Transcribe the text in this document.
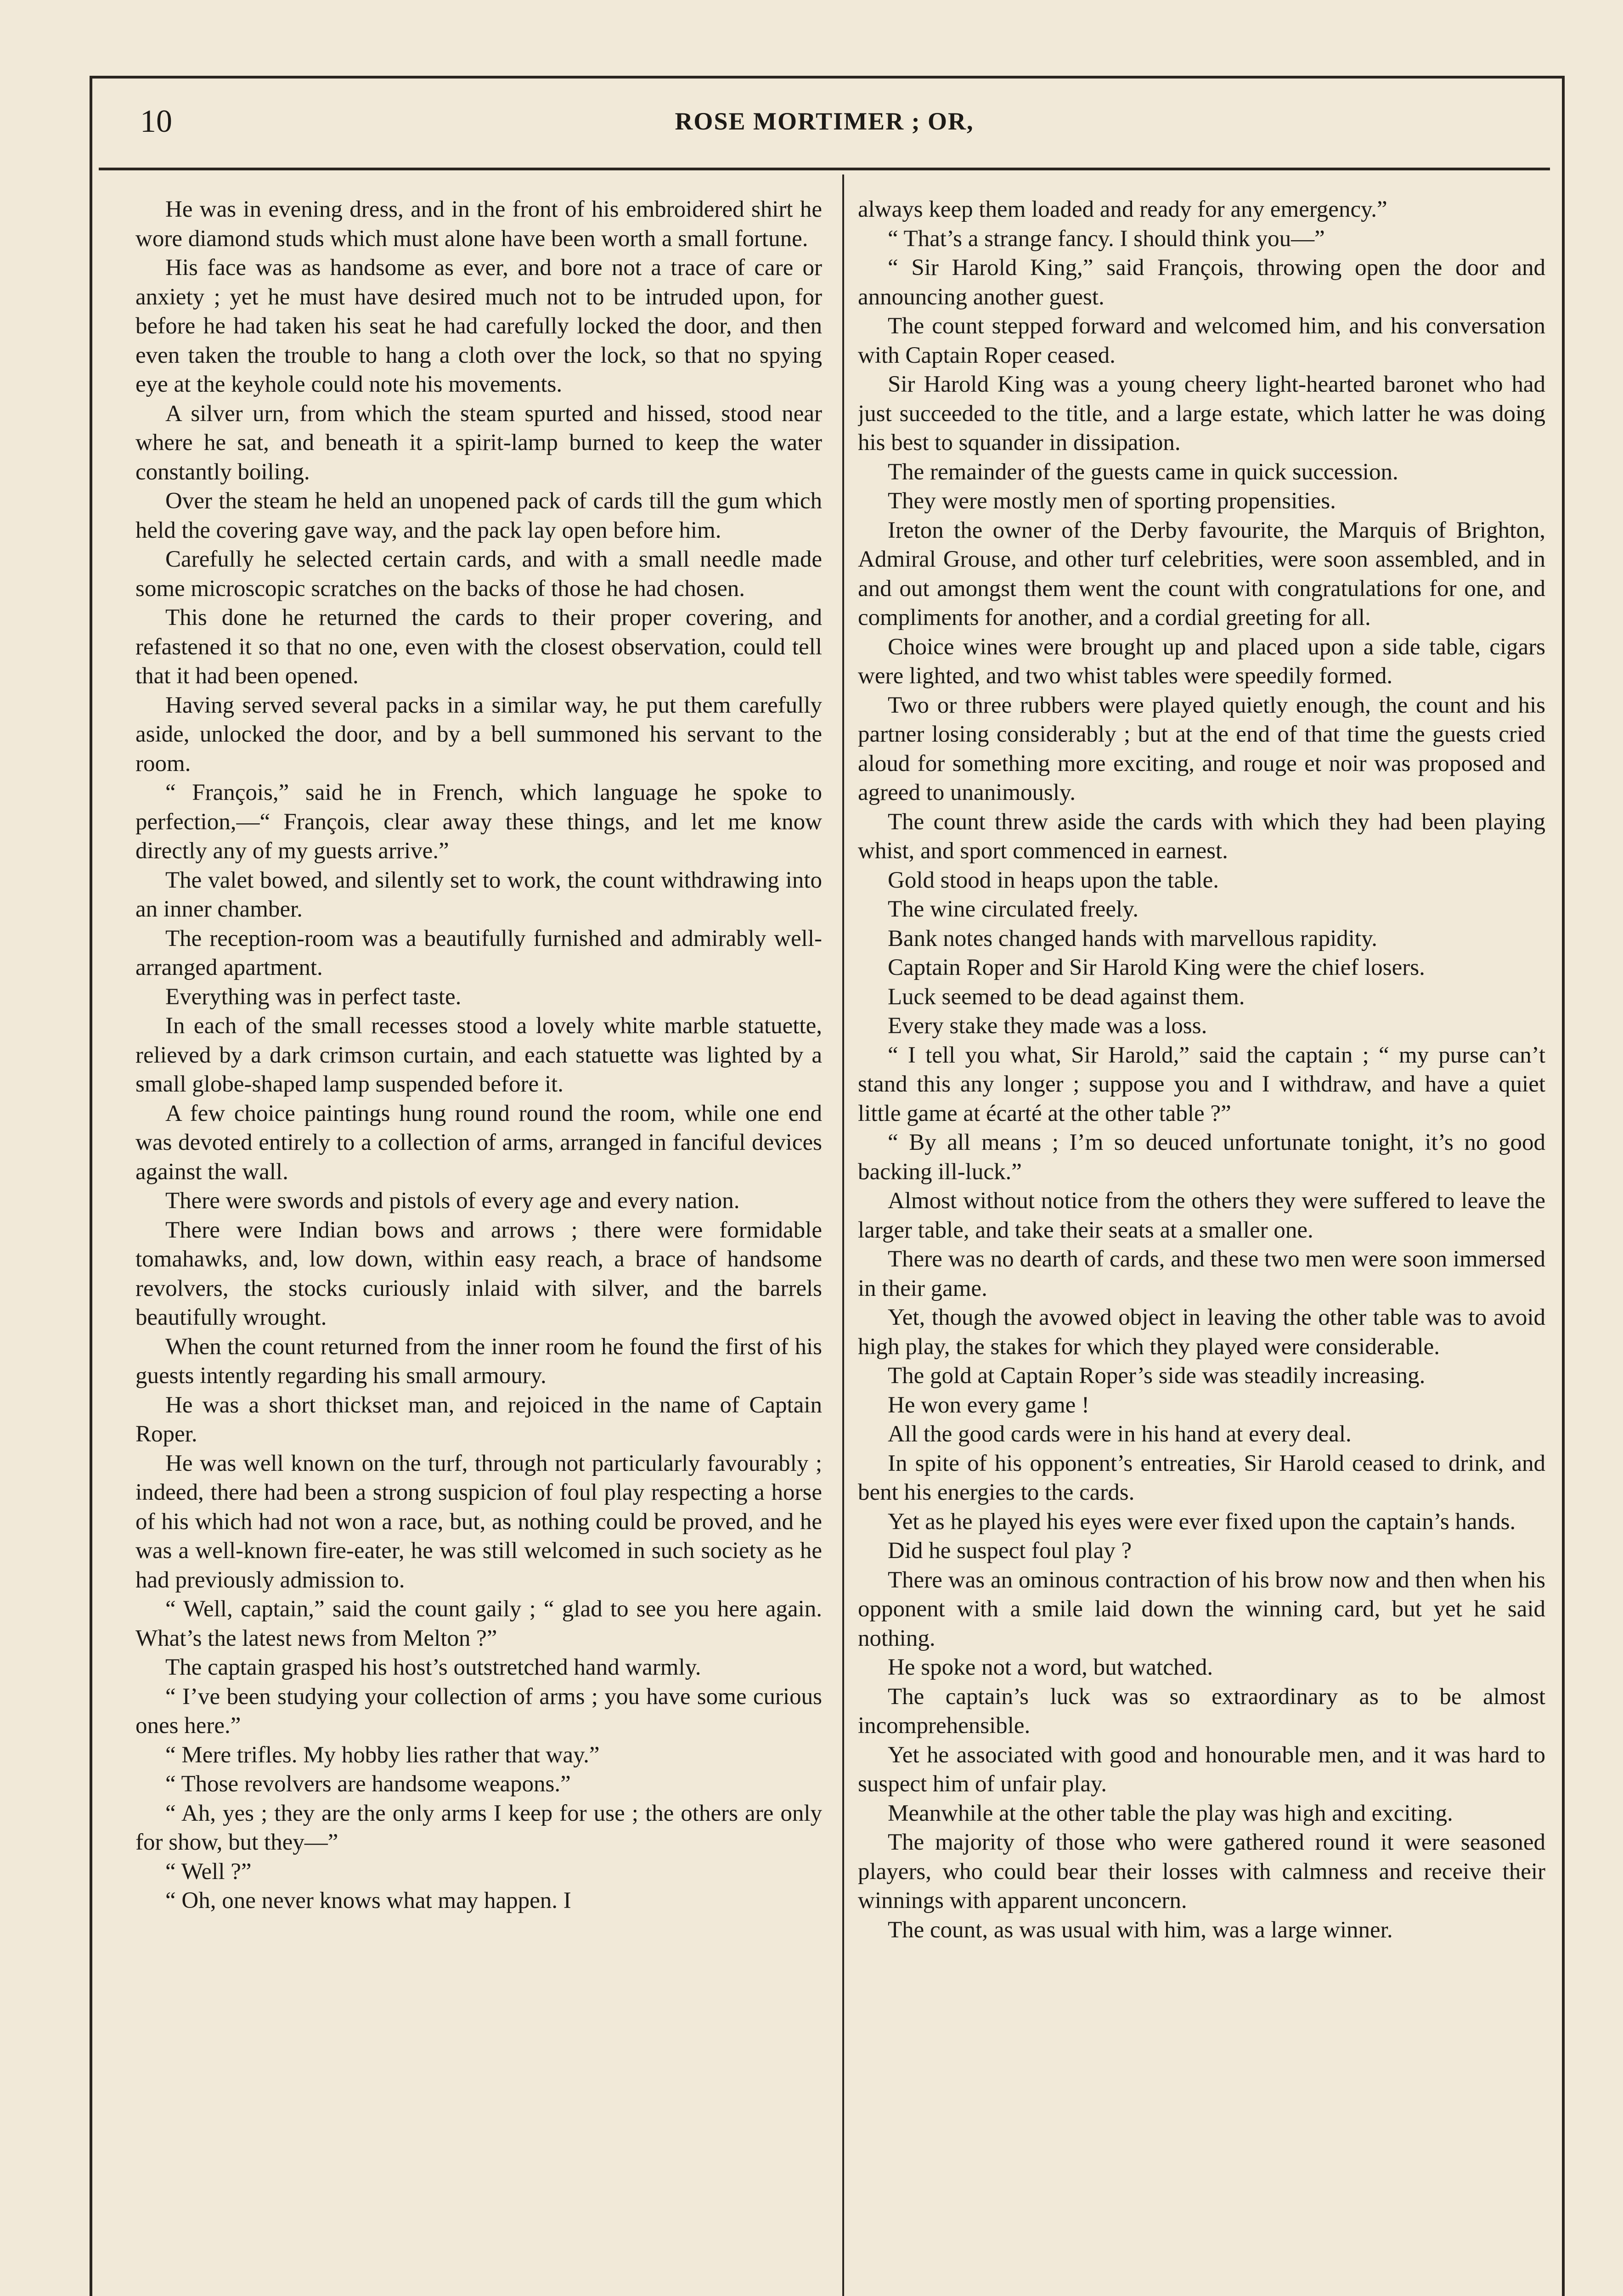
10	ROSE MORTIMER ; OR,

He was in evening dress, and in the front of his embroidered shirt he wore diamond studs which must alone have been worth a small fortune.

His face was as handsome as ever, and bore not a trace of care or anxiety ; yet he must have desired much not to be intruded upon, for before he had taken his seat he had carefully locked the door, and then even taken the trouble to hang a cloth over the lock, so that no spying eye at the keyhole could note his movements.

A silver urn, from which the steam spurted and hissed, stood near where he sat, and beneath it a spirit-lamp burned to keep the water constantly boiling.

Over the steam he held an unopened pack of cards till the gum which held the covering gave way, and the pack lay open before him.

Carefully he selected certain cards, and with a small needle made some microscopic scratches on the backs of those he had chosen.

This done he returned the cards to their proper covering, and refastened it so that no one, even with the closest observation, could tell that it had been opened.

Having served several packs in a similar way, he put them carefully aside, unlocked the door, and by a bell summoned his servant to the room.

“ François,” said he in French, which language he spoke to perfection,—“ François, clear away these things, and let me know directly any of my guests arrive.”

The valet bowed, and silently set to work, the count withdrawing into an inner chamber.

The reception-room was a beautifully furnished and admirably well-arranged apartment.

Everything was in perfect taste.

In each of the small recesses stood a lovely white marble statuette, relieved by a dark crimson curtain, and each statuette was lighted by a small globe-shaped lamp suspended before it.

A few choice paintings hung round round the room, while one end was devoted entirely to a collection of arms, arranged in fanciful devices against the wall.

There were swords and pistols of every age and every nation.

There were Indian bows and arrows ; there were formidable tomahawks, and, low down, within easy reach, a brace of handsome revolvers, the stocks curiously inlaid with silver, and the barrels beautifully wrought.

When the count returned from the inner room he found the first of his guests intently regarding his small armoury.

He was a short thickset man, and rejoiced in the name of Captain Roper.

He was well known on the turf, through not particularly favourably ; indeed, there had been a strong suspicion of foul play respecting a horse of his which had not won a race, but, as nothing could be proved, and he was a well-known fire-eater, he was still welcomed in such society as he had previously admission to.

“ Well, captain,” said the count gaily ; “ glad to see you here again. What’s the latest news from Melton ?”

The captain grasped his host’s outstretched hand warmly.

“ I’ve been studying your collection of arms ; you have some curious ones here.”

“ Mere trifles. My hobby lies rather that way.”

“ Those revolvers are handsome weapons.”

“ Ah, yes ; they are the only arms I keep for use ; the others are only for show, but they—”

“ Well ?”

“ Oh, one never knows what may happen. I

always keep them loaded and ready for any emergency.”

“ That’s a strange fancy. I should think you—”

“ Sir Harold King,” said François, throwing open the door and announcing another guest.

The count stepped forward and welcomed him, and his conversation with Captain Roper ceased.

Sir Harold King was a young cheery light-hearted baronet who had just succeeded to the title, and a large estate, which latter he was doing his best to squander in dissipation.

The remainder of the guests came in quick succession.

They were mostly men of sporting propensities.

Ireton the owner of the Derby favourite, the Marquis of Brighton, Admiral Grouse, and other turf celebrities, were soon assembled, and in and out amongst them went the count with congratulations for one, and compliments for another, and a cordial greeting for all.

Choice wines were brought up and placed upon a side table, cigars were lighted, and two whist tables were speedily formed.

Two or three rubbers were played quietly enough, the count and his partner losing considerably ; but at the end of that time the guests cried aloud for something more exciting, and rouge et noir was proposed and agreed to unanimously.

The count threw aside the cards with which they had been playing whist, and sport commenced in earnest.

Gold stood in heaps upon the table.

The wine circulated freely.

Bank notes changed hands with marvellous rapidity.

Captain Roper and Sir Harold King were the chief losers.

Luck seemed to be dead against them.

Every stake they made was a loss.

“ I tell you what, Sir Harold,” said the captain ; “ my purse can’t stand this any longer ; suppose you and I withdraw, and have a quiet little game at écarté at the other table ?”

“ By all means ; I’m so deuced unfortunate tonight, it’s no good backing ill-luck.”

Almost without notice from the others they were suffered to leave the larger table, and take their seats at a smaller one.

There was no dearth of cards, and these two men were soon immersed in their game.

Yet, though the avowed object in leaving the other table was to avoid high play, the stakes for which they played were considerable.

The gold at Captain Roper’s side was steadily increasing.

He won every game !

All the good cards were in his hand at every deal.

In spite of his opponent’s entreaties, Sir Harold ceased to drink, and bent his energies to the cards.

Yet as he played his eyes were ever fixed upon the captain’s hands.

Did he suspect foul play ?

There was an ominous contraction of his brow now and then when his opponent with a smile laid down the winning card, but yet he said nothing.

He spoke not a word, but watched.

The captain’s luck was so extraordinary as to be almost incomprehensible.

Yet he associated with good and honourable men, and it was hard to suspect him of unfair play.

Meanwhile at the other table the play was high and exciting.

The majority of those who were gathered round it were seasoned players, who could bear their losses with calmness and receive their winnings with apparent unconcern.

The count, as was usual with him, was a large winner.
